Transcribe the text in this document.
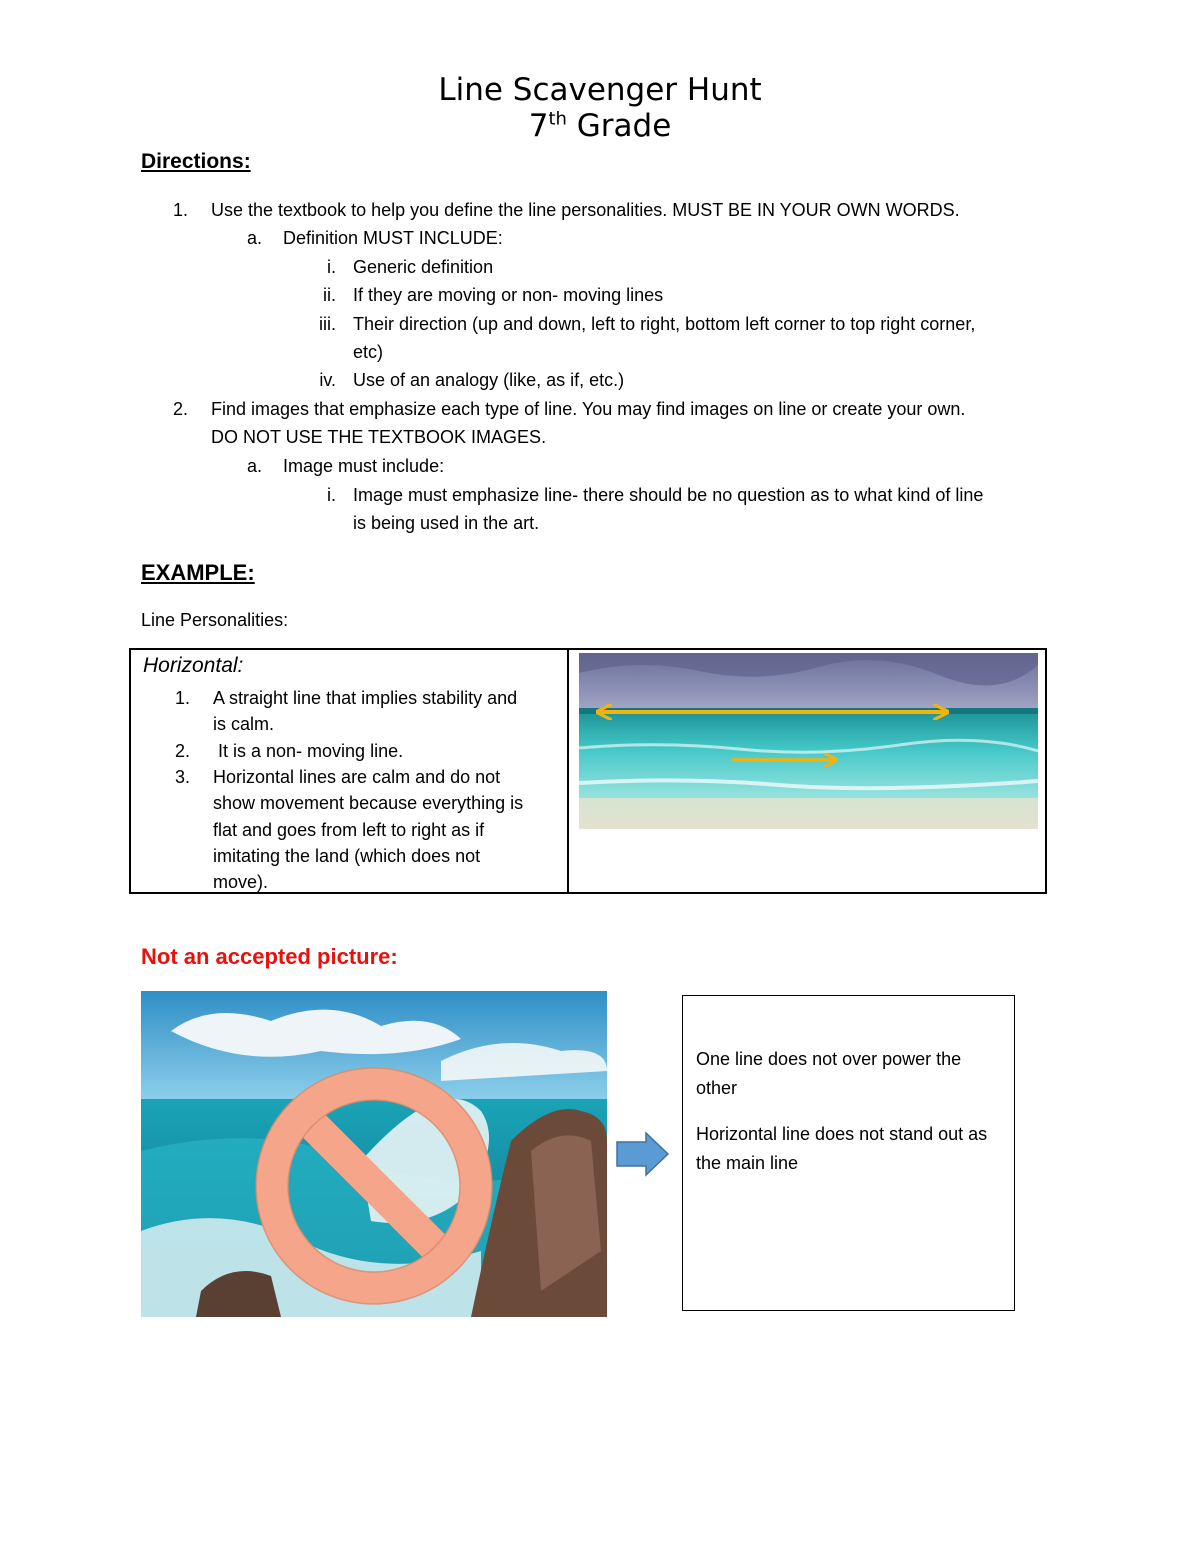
Line Scavenger Hunt
7th Grade
Directions:
1. Use the textbook to help you define the line personalities. MUST BE IN YOUR OWN WORDS.
a. Definition MUST INCLUDE:
i. Generic definition
ii. If they are moving or non- moving lines
iii. Their direction (up and down, left to right, bottom left corner to top right corner,
etc)
iv. Use of an analogy (like, as if, etc.)
2. Find images that emphasize each type of line. You may find images on line or create your own.
DO NOT USE THE TEXTBOOK IMAGES.
a. Image must include:
i. Image must emphasize line- there should be no question as to what kind of line
is being used in the art.
EXAMPLE:
Line Personalities:
Horizontal:
1. A straight line that implies stability and
is calm.
2. It is a non- moving line.
3. Horizontal lines are calm and do not
show movement because everything is
flat and goes from left to right as if
imitating the land (which does not
move).

Not an accepted picture:
One line does not over power the other
Horizontal line does not stand out as the main line
